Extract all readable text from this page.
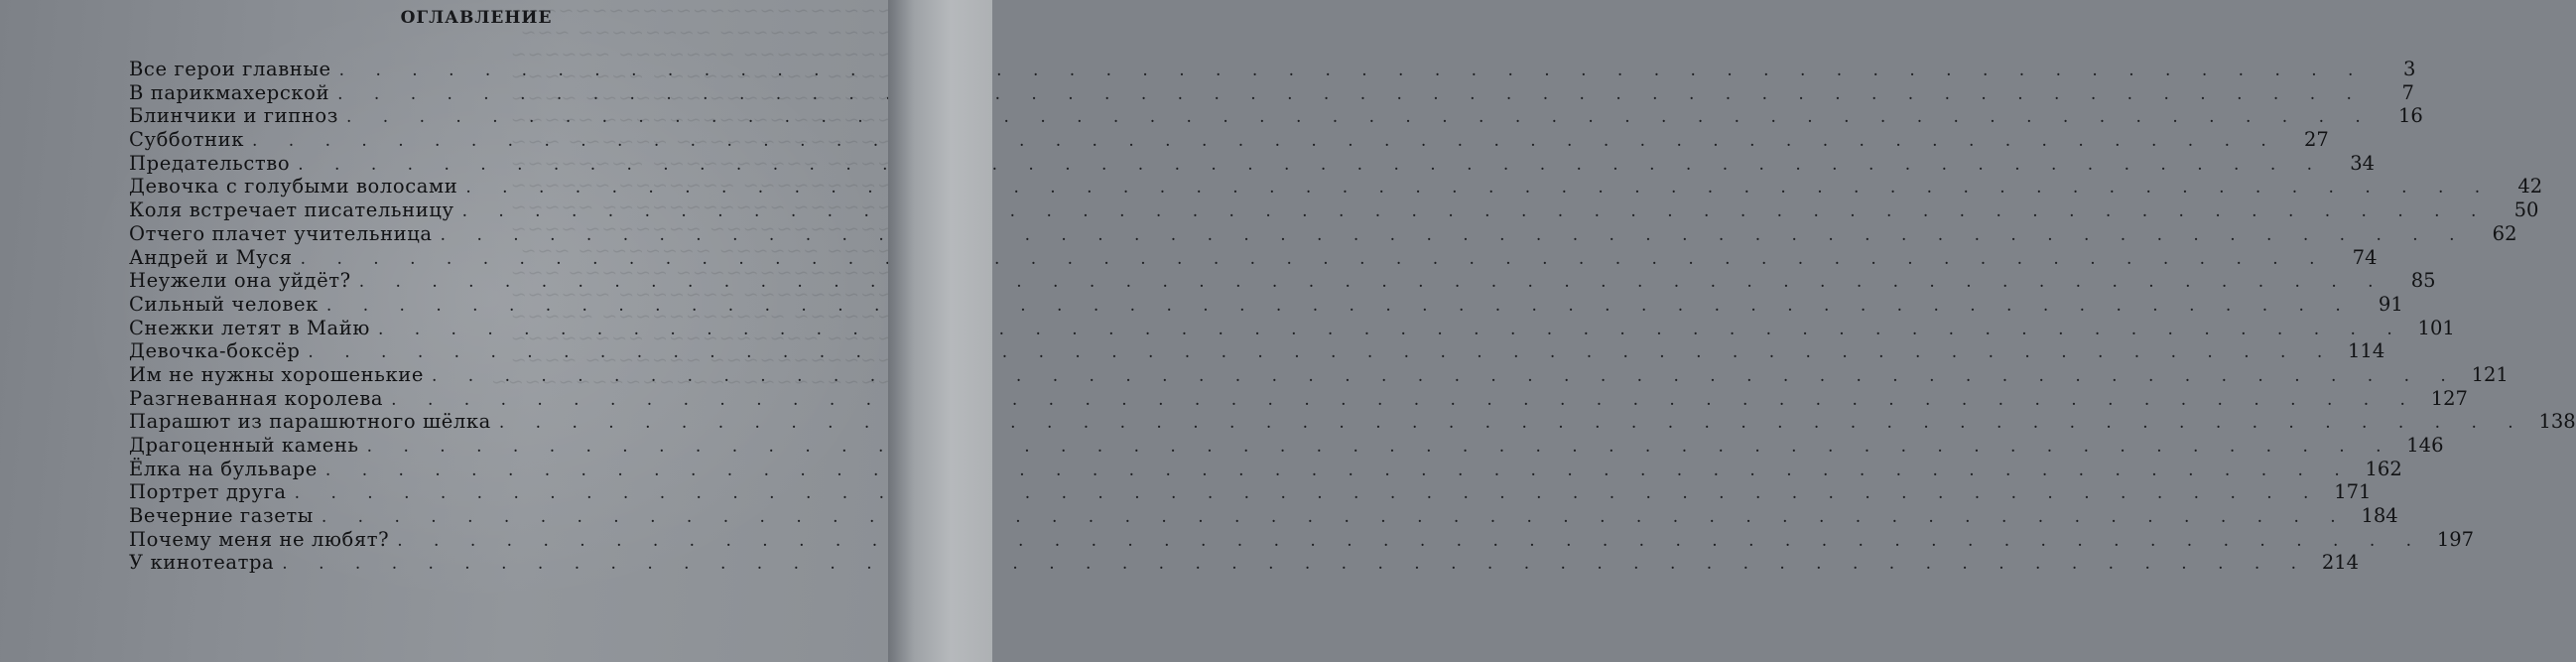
~~~~~~~~~~~~~~~~~~~~~~~~
~~~~ ~~~~~~ ~~~~~~~~ ~~~
~~~~~~~~~ ~~~~~~~ ~~~~~~
~~~~ ~~~~~~~~~~ ~~~~~~~~
~~~~~~~~~~~ ~~~~~~~ ~~~~
~~~~~~ ~~~~~~~~~~~ ~~~~~
~~~~~~~~~~~~~ ~~~~~~ ~~~
~~~~ ~~~~~~~~~~ ~~~~~~~~
~~~~~~~~~ ~~~~~~~ ~~~~~~
~~~~~~ ~~~~~~~~~~~ ~~~~~
~~~~~~~~~~~ ~~~~~~~ ~~~~
~~~~ ~~~~~~ ~~~~~~~~ ~~~
~~~~~~~~~~~~~ ~~~~~~ ~~~
~~~~~~~~~ ~~~~~~~ ~~~~~~
~~~~~~ ~~~~~~~~~~~ ~~~~~
~~~~ ~~~~~~~~~~ ~~~~~~~~
~~~~~~~~~~~ ~~~~~~~ ~~~~
~~~~~~~~~~~~~~~~~~~~~~~~
ОГЛАВЛЕНИЕ
Все герои главные . . .	3
В парикмахерской . . .	7
Блинчики и гипноз . . .	16
Субботник . . .	27
Предательство . . .	34
Девочка с голубыми волосами . . .	42
Коля встречает писательницу . . .	50
Отчего плачет учительница . . .	62
Андрей и Муся . . .	74
Неужели она уйдёт? . . .	85
Сильный человек . . .	91
Снежки летят в Майю . . .	101
Девочка-боксёр . . .	114
Им не нужны хорошенькие . . .	121
Разгневанная королева . . .	127
Парашют из парашютного шёлка . . .	138
Драгоценный камень . . .	146
Ёлка на бульваре . . .	162
Портрет друга . . .	171
Вечерние газеты . . .	184
Почему меня не любят? . . .	197
У кинотеатра . . .	214
